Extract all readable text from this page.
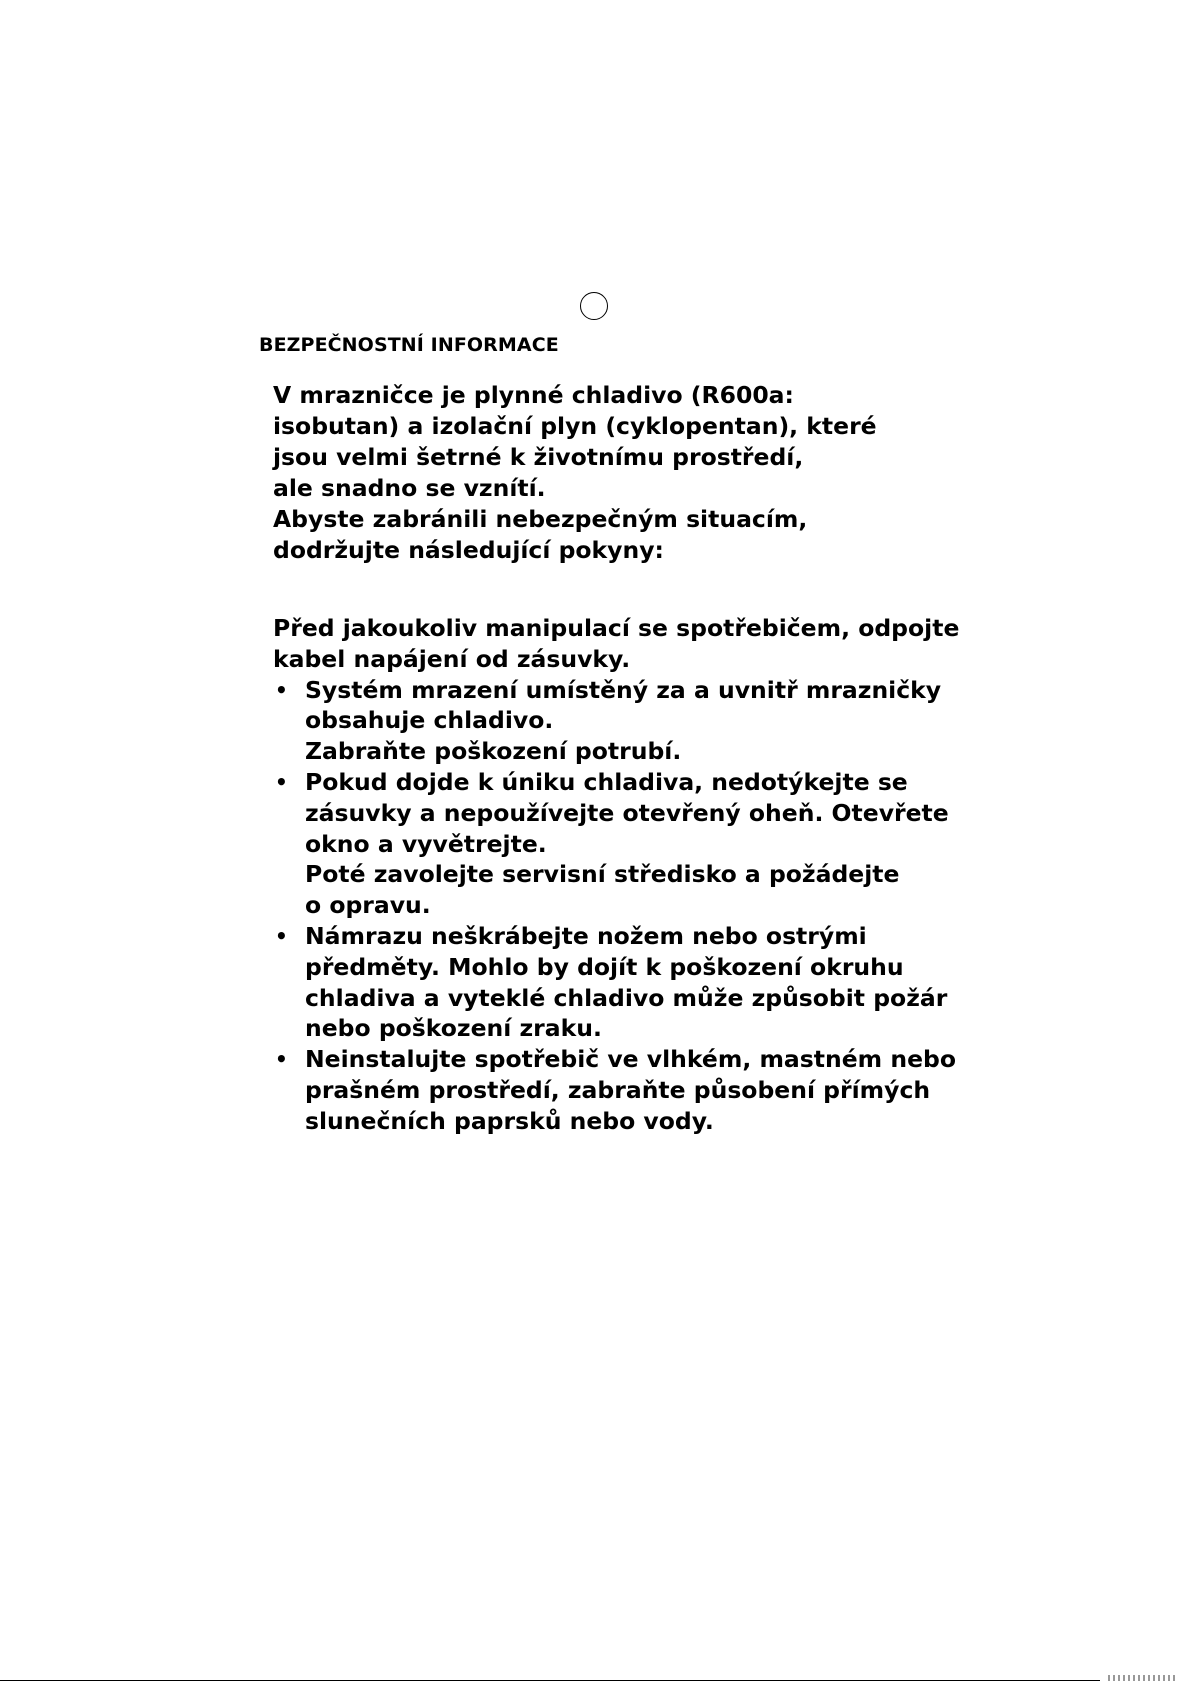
BEZPEČNOSTNÍ INFORMACE
V mrazničce je plynné chladivo (R600a:
isobutan) a izolační plyn (cyklopentan), které
jsou velmi šetrné k životnímu prostředí,
ale snadno se vznítí.
Abyste zabránili nebezpečným situacím,
dodržujte následující pokyny:
Před jakoukoliv manipulací se spotřebičem, odpojte
kabel napájení od zásuvky.
• Systém mrazení umístěný za a uvnitř mrazničky
obsahuje chladivo.
Zabraňte poškození potrubí.
• Pokud dojde k úniku chladiva, nedotýkejte se
zásuvky a nepoužívejte otevřený oheň. Otevřete
okno a vyvětrejte.
Poté zavolejte servisní středisko a požádejte
o opravu.
• Námrazu neškrábejte nožem nebo ostrými
předměty. Mohlo by dojít k poškození okruhu
chladiva a vyteklé chladivo může způsobit požár
nebo poškození zraku.
• Neinstalujte spotřebič ve vlhkém, mastném nebo
prašném prostředí, zabraňte působení přímých
slunečních paprsků nebo vody.
